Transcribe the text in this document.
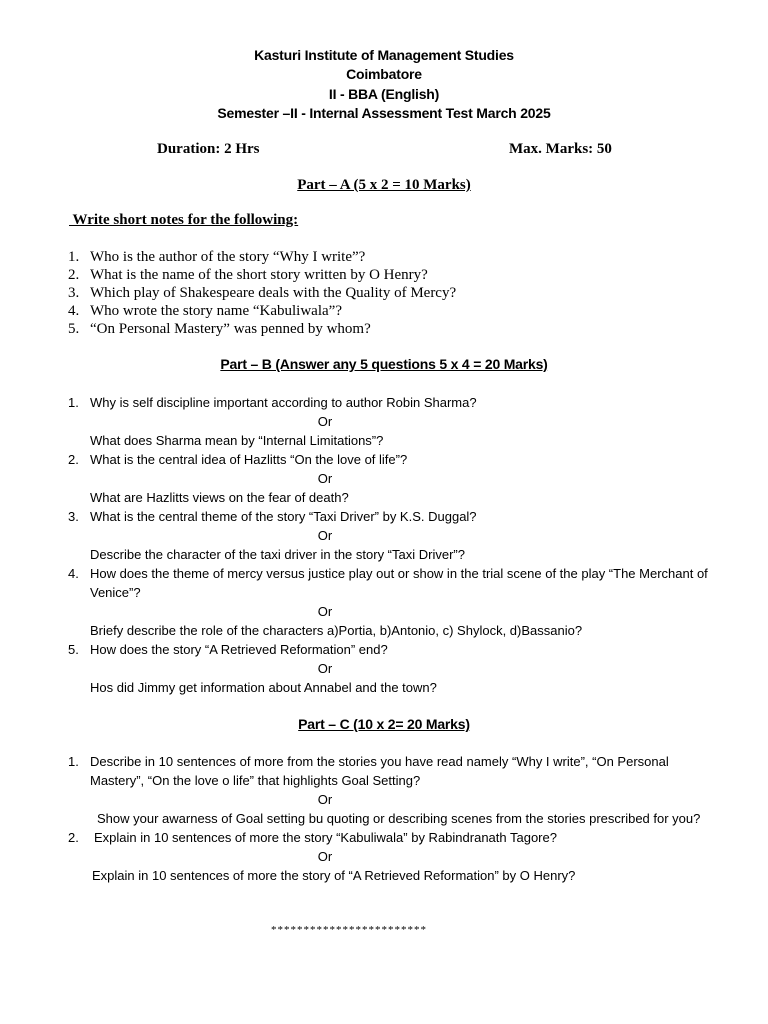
Kasturi Institute of Management Studies
Coimbatore
II - BBA (English)
Semester –II - Internal Assessment Test March 2025
Duration: 2 Hrs	Max. Marks: 50
Part – A (5 x 2 = 10 Marks)
Write short notes for the following:
1. Who is the author of the story “Why I write”?
2. What is the name of the short story written by O Henry?
3. Which play of Shakespeare deals with the Quality of Mercy?
4. Who wrote the story name “Kabuliwala”?
5. “On Personal Mastery” was penned by whom?
Part – B (Answer any 5 questions 5 x 4 = 20 Marks)
1. Why is self discipline important according to author Robin Sharma?
Or
What does Sharma mean by “Internal Limitations”?
2. What is the central idea of Hazlitts “On the love of life”?
Or
What are Hazlitts views on the fear of death?
3. What is the central theme of the story “Taxi Driver” by K.S. Duggal?
Or
Describe the character of the taxi driver in the story “Taxi Driver”?
4. How does the theme of mercy versus justice play out or show in the trial scene of the play “The Merchant of Venice”?
Or
Briefy describe the role of the characters a)Portia, b)Antonio, c) Shylock, d)Bassanio?
5. How does the story “A Retrieved Reformation” end?
Or
Hos did Jimmy get information about Annabel and the town?
Part – C (10 x 2= 20 Marks)
1. Describe in 10 sentences of more from the stories you have read namely “Why I write”, “On Personal Mastery”, “On the love o life” that highlights Goal Setting?
Or
Show your awarness of Goal setting bu quoting or describing scenes from the stories prescribed for you?
2. Explain in 10 sentences of more the story “Kabuliwala” by Rabindranath Tagore?
Or
Explain in 10 sentences of more the story of “A Retrieved Reformation” by O Henry?
************************
